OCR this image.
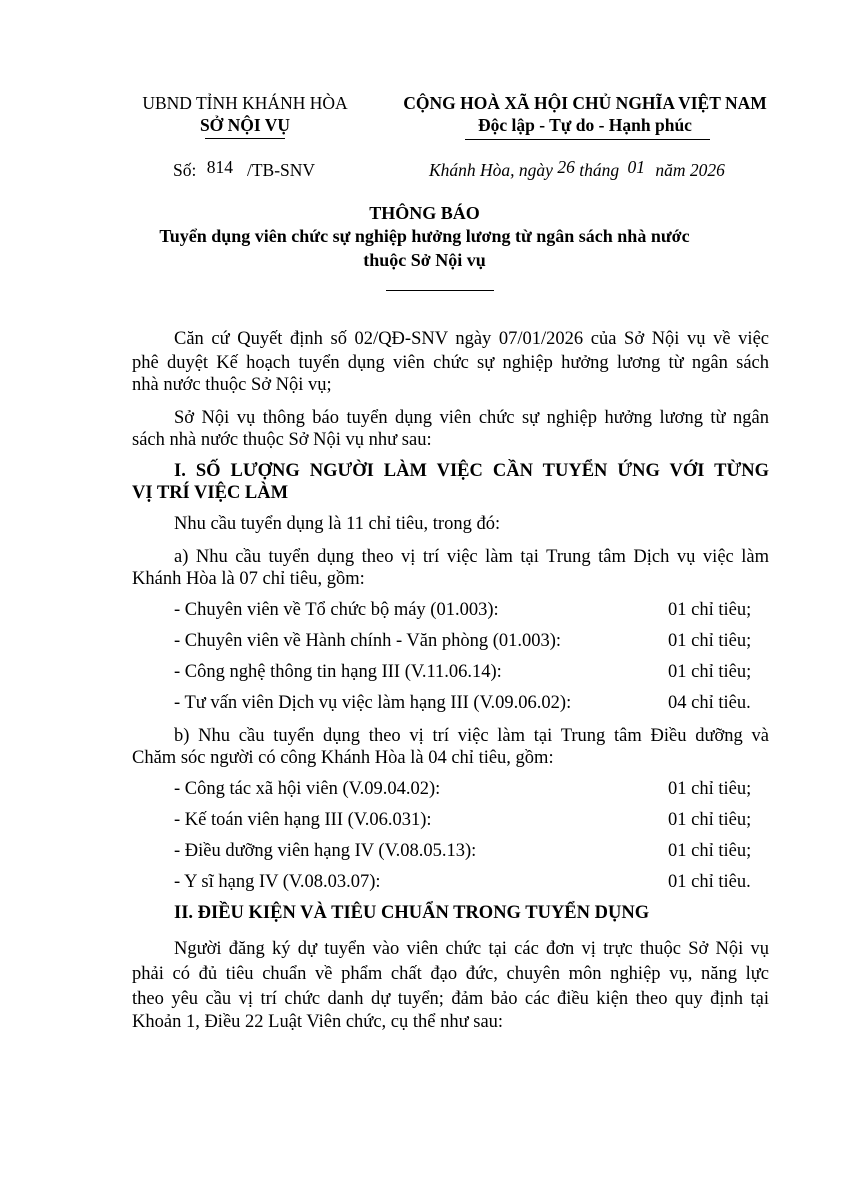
UBND TỈNH KHÁNH HÒA
SỞ NỘI VỤ
CỘNG HOÀ XÃ HỘI CHỦ NGHĨA VIỆT NAM
Độc lập - Tự do - Hạnh phúc
Số: 814 /TB-SNV	Khánh Hòa, ngày 26 tháng 01 năm 2026
THÔNG BÁO
Tuyển dụng viên chức sự nghiệp hưởng lương từ ngân sách nhà nước
thuộc Sở Nội vụ
Căn cứ Quyết định số 02/QĐ-SNV ngày 07/01/2026 của Sở Nội vụ về việc
phê duyệt Kế hoạch tuyển dụng viên chức sự nghiệp hưởng lương từ ngân sách
nhà nước thuộc Sở Nội vụ;
Sở Nội vụ thông báo tuyển dụng viên chức sự nghiệp hưởng lương từ ngân
sách nhà nước thuộc Sở Nội vụ như sau:
I. SỐ LƯỢNG NGƯỜI LÀM VIỆC CẦN TUYỂN ỨNG VỚI TỪNG
VỊ TRÍ VIỆC LÀM
Nhu cầu tuyển dụng là 11 chỉ tiêu, trong đó:
a) Nhu cầu tuyển dụng theo vị trí việc làm tại Trung tâm Dịch vụ việc làm
Khánh Hòa là 07 chỉ tiêu, gồm:
- Chuyên viên về Tổ chức bộ máy (01.003):	01 chỉ tiêu;
- Chuyên viên về Hành chính - Văn phòng (01.003):	01 chỉ tiêu;
- Công nghệ thông tin hạng III (V.11.06.14):	01 chỉ tiêu;
- Tư vấn viên Dịch vụ việc làm hạng III (V.09.06.02):	04 chỉ tiêu.
b) Nhu cầu tuyển dụng theo vị trí việc làm tại Trung tâm Điều dưỡng và
Chăm sóc người có công Khánh Hòa là 04 chỉ tiêu, gồm:
- Công tác xã hội viên (V.09.04.02):	01 chỉ tiêu;
- Kế toán viên hạng III (V.06.031):	01 chỉ tiêu;
- Điều dưỡng viên hạng IV (V.08.05.13):	01 chỉ tiêu;
- Y sĩ hạng IV (V.08.03.07):	01 chỉ tiêu.
II. ĐIỀU KIỆN VÀ TIÊU CHUẨN TRONG TUYỂN DỤNG
Người đăng ký dự tuyển vào viên chức tại các đơn vị trực thuộc Sở Nội vụ
phải có đủ tiêu chuẩn về phẩm chất đạo đức, chuyên môn nghiệp vụ, năng lực
theo yêu cầu vị trí chức danh dự tuyển; đảm bảo các điều kiện theo quy định tại
Khoản 1, Điều 22 Luật Viên chức, cụ thể như sau:
